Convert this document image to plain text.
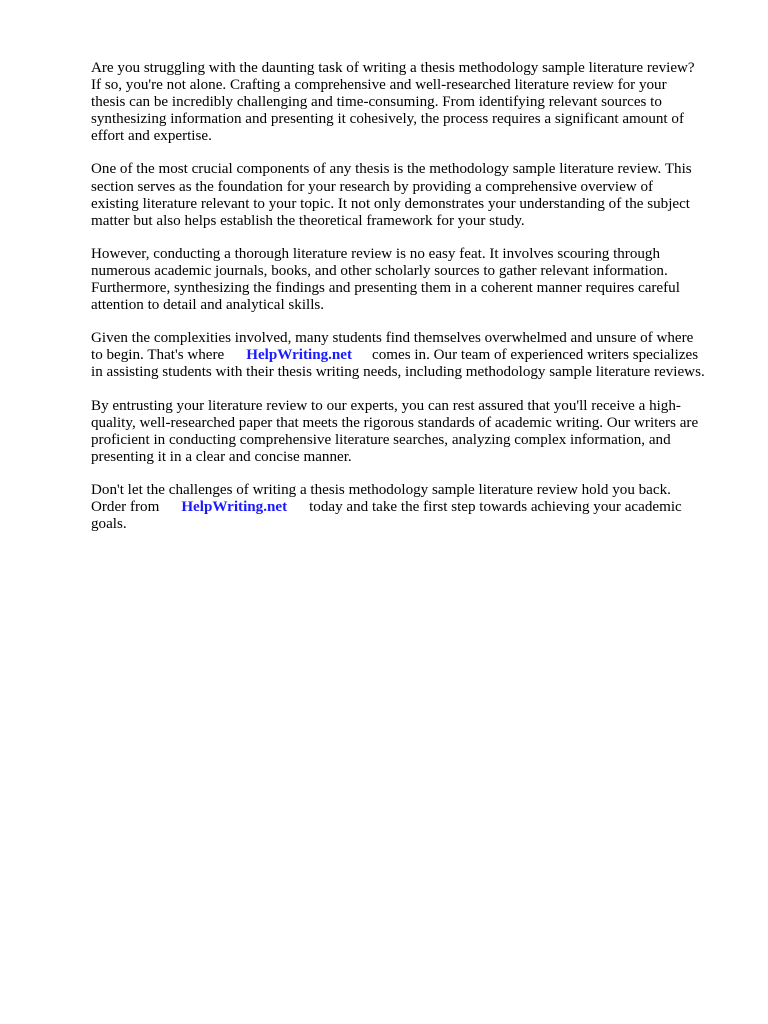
Are you struggling with the daunting task of writing a thesis methodology sample literature review?
If so, you're not alone. Crafting a comprehensive and well-researched literature review for your
thesis can be incredibly challenging and time-consuming. From identifying relevant sources to
synthesizing information and presenting it cohesively, the process requires a significant amount of
effort and expertise.

One of the most crucial components of any thesis is the methodology sample literature review. This
section serves as the foundation for your research by providing a comprehensive overview of
existing literature relevant to your topic. It not only demonstrates your understanding of the subject
matter but also helps establish the theoretical framework for your study.

However, conducting a thorough literature review is no easy feat. It involves scouring through
numerous academic journals, books, and other scholarly sources to gather relevant information.
Furthermore, synthesizing the findings and presenting them in a coherent manner requires careful
attention to detail and analytical skills.

Given the complexities involved, many students find themselves overwhelmed and unsure of where
to begin. That's where HelpWriting.net comes in. Our team of experienced writers specializes
in assisting students with their thesis writing needs, including methodology sample literature reviews.

By entrusting your literature review to our experts, you can rest assured that you'll receive a high-
quality, well-researched paper that meets the rigorous standards of academic writing. Our writers are
proficient in conducting comprehensive literature searches, analyzing complex information, and
presenting it in a clear and concise manner.

Don't let the challenges of writing a thesis methodology sample literature review hold you back.
Order from HelpWriting.net today and take the first step towards achieving your academic
goals.
